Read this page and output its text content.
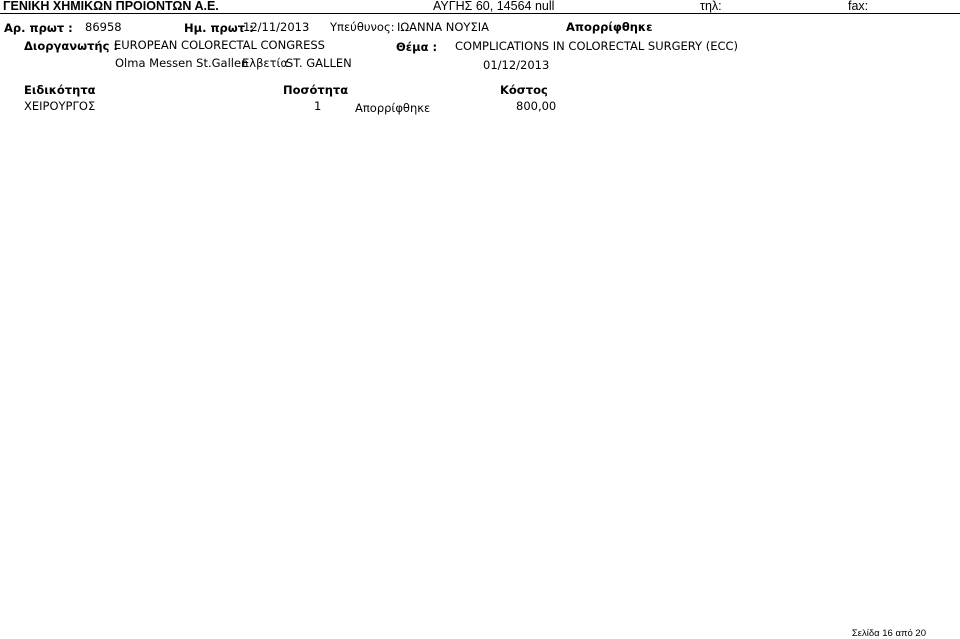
ΓΕΝΙΚΗ ΧΗΜΙΚΩΝ ΠΡΟΙΟΝΤΩΝ Α.Ε.	ΑΥΓΗΣ 60, 14564 null	τηλ:	fax:
Αρ. πρωτ : 86958	Ημ. πρωτ :
12/11/2013 Υπεύθυνος: ΙΩΑΝΝΑ ΝΟΥΣΙΑ	Απορρίφθηκε
Διοργανωτής :
EUROPEAN COLORECTAL CONGRESS	Θέμα : COMPLICATIONS IN COLORECTAL SURGERY (ECC)
Olma Messen St.Gallen
Ελβετία
ST. GALLEN	01/12/2013
Ειδικότητα	Ποσότητα	Κόστος
ΧΕΙΡΟΥΡΓΟΣ	1	Απορρίφθηκε	800,00
Σελίδα 16 από 20
